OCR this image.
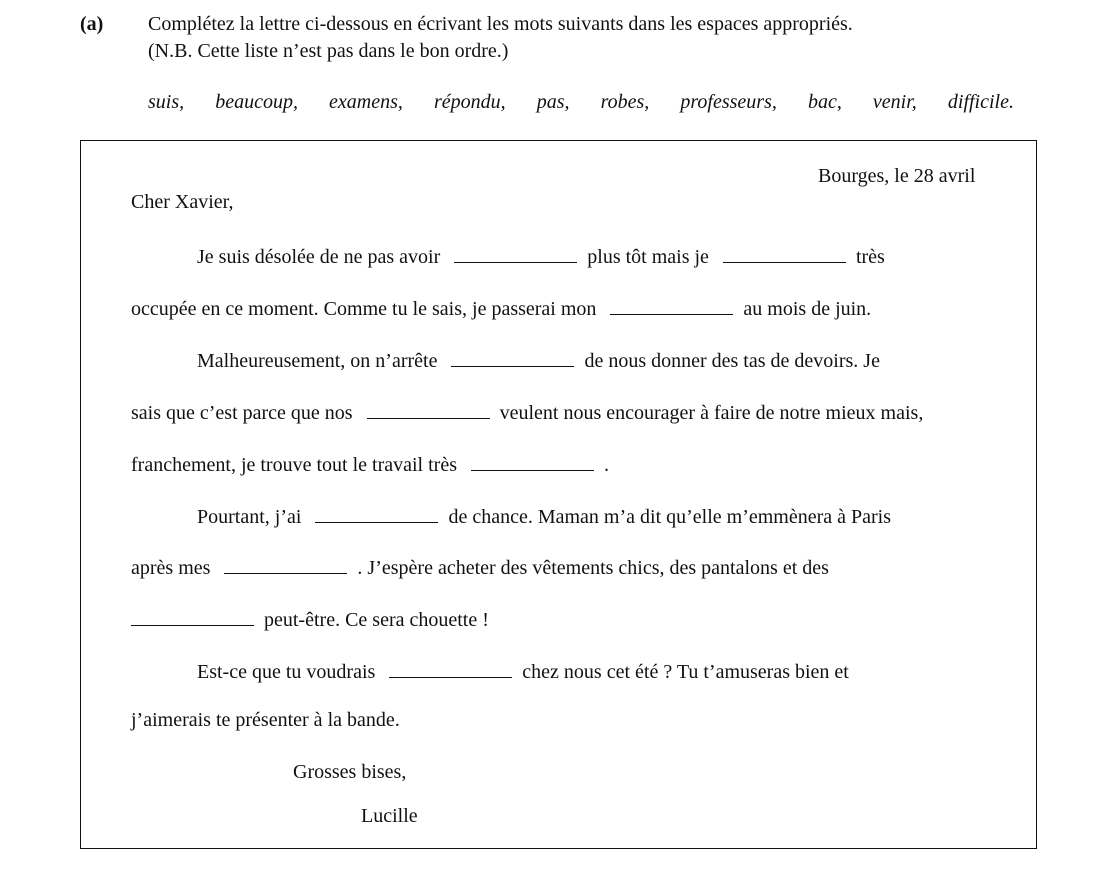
(a) Complétez la lettre ci-dessous en écrivant les mots suivants dans les espaces appropriés.
(N.B. Cette liste n’est pas dans le bon ordre.)
suis, beaucoup, examens, répondu, pas, robes, professeurs, bac, venir, difficile.
Bourges, le 28 avril
Cher Xavier,
Je suis désolée de ne pas avoir	plus tôt mais je	très
occupée en ce moment. Comme tu le sais, je passerai mon	au mois de juin.
Malheureusement, on n’arrête	de nous donner des tas de devoirs. Je
sais que c’est parce que nos	veulent nous encourager à faire de notre mieux mais,
franchement, je trouve tout le travail très	.
Pourtant, j’ai	de chance. Maman m’a dit qu’elle m’emmènera à Paris
après mes	. J’espère acheter des vêtements chics, des pantalons et des
peut-être. Ce sera chouette !
Est-ce que tu voudrais	chez nous cet été ? Tu t’amuseras bien et
j’aimerais te présenter à la bande.
Grosses bises,
Lucille
